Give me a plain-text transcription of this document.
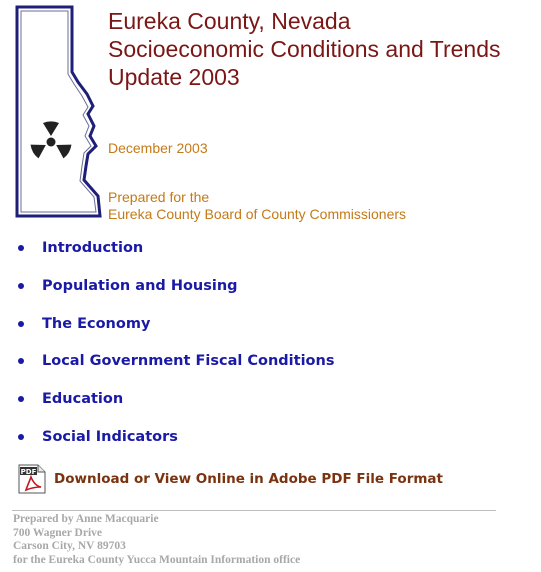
Eureka County, Nevada
Socioeconomic Conditions and Trends
Update 2003
December 2003
Prepared for the
Eureka County Board of County Commissioners
Introduction
Population and Housing
The Economy
Local Government Fiscal Conditions
Education
Social Indicators
PDF Download or View Online in Adobe PDF File Format
Prepared by Anne Macquarie
700 Wagner Drive
Carson City, NV 89703
for the Eureka County Yucca Mountain Information office
